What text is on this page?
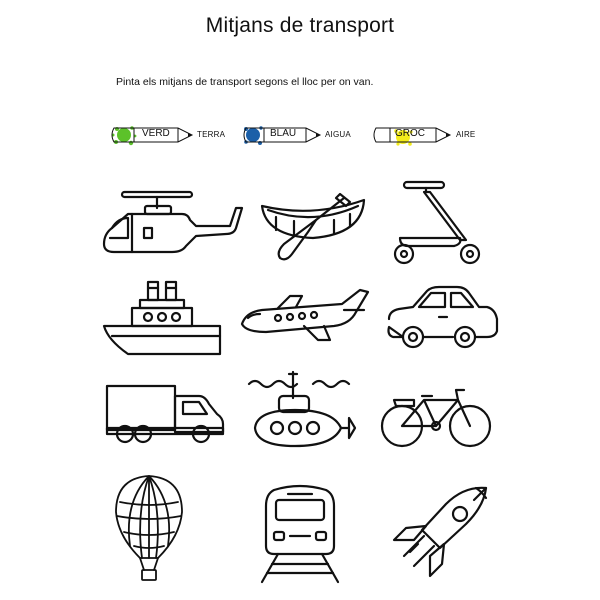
Mitjans de transport
Pinta els mitjans de transport segons el lloc per on van.
VERD	TERRA	BLAU	AIGUA	GROC	AIRE
